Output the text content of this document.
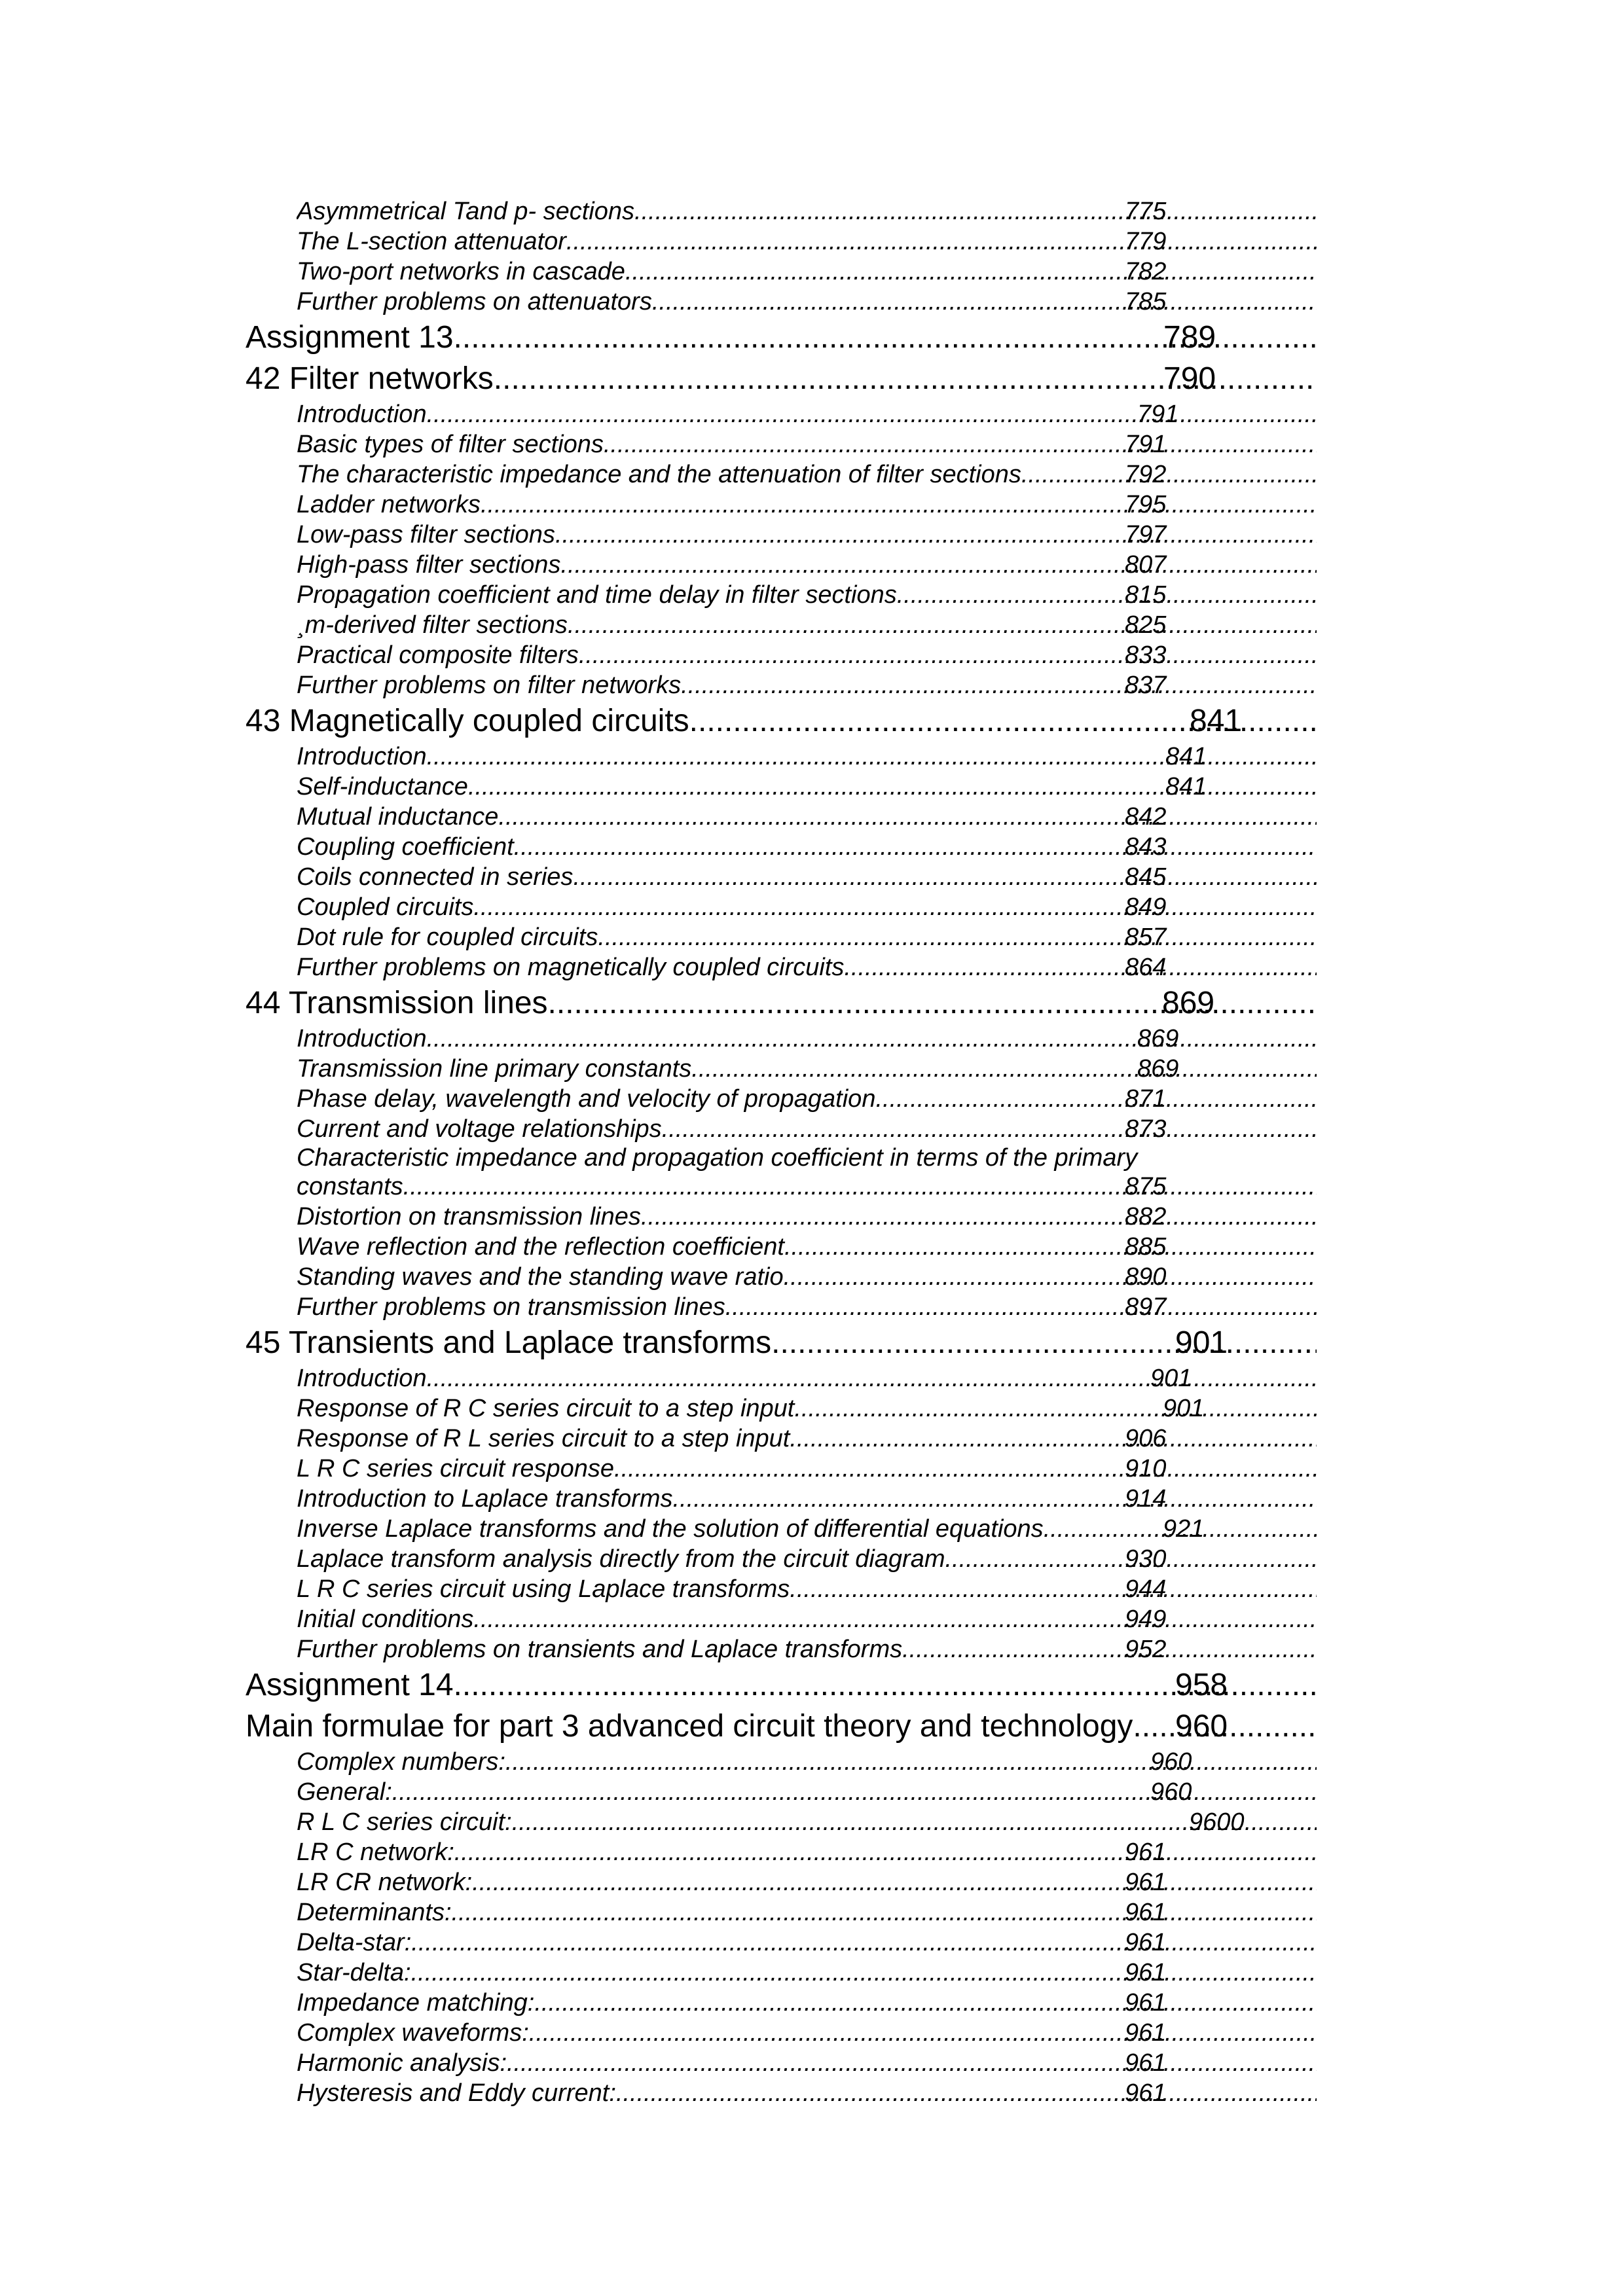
Asymmetrical Tand p- sections .....	775
The L-section attenuator .....	779
Two-port networks in cascade .....	782
Further problems on attenuators .....	785
Assignment 13 .....	789
42 Filter networks .....	790
Introduction .....	791
Basic types of filter sections .....	791
The characteristic impedance and the attenuation of filter sections .....	792
Ladder networks .....	795
Low-pass filter sections .....	797
High-pass filter sections .....	807
Propagation coefficient and time delay in filter sections .....	815
¸m-derived filter sections .....	825
Practical composite filters .....	833
Further problems on filter networks .....	837
43 Magnetically coupled circuits .....	841
Introduction .....	841
Self-inductance .....	841
Mutual inductance .....	842
Coupling coefficient .....	843
Coils connected in series .....	845
Coupled circuits .....	849
Dot rule for coupled circuits .....	857
Further problems on magnetically coupled circuits .....	864
44 Transmission lines .....	869
Introduction .....	869
Transmission line primary constants .....	869
Phase delay, wavelength and velocity of propagation .....	871
Current and voltage relationships .....	873
Characteristic impedance and propagation coefficient in terms of the primary
constants .....	875
Distortion on transmission lines .....	882
Wave reflection and the reflection coefficient .....	885
Standing waves and the standing wave ratio .....	890
Further problems on transmission lines .....	897
45 Transients and Laplace transforms .....	901
Introduction .....	901
Response of R C series circuit to a step input .....	901
Response of R L series circuit to a step input .....	906
L R C series circuit response .....	910
Introduction to Laplace transforms .....	914
Inverse Laplace transforms and the solution of differential equations .....	921
Laplace transform analysis directly from the circuit diagram .....	930
L R C series circuit using Laplace transforms .....	944
Initial conditions .....	949
Further problems on transients and Laplace transforms .....	952
Assignment 14 .....	958
Main formulae for part 3 advanced circuit theory and technology ..... 960
Complex numbers: .....	960
General: .....	960
R L C series circuit: .....	9600
LR C network: .....	961
LR CR network: .....	961
Determinants: .....	961
Delta-star: .....	961
Star-delta: .....	961
Impedance matching: .....	961
Complex waveforms: .....	961
Harmonic analysis: .....	961
Hysteresis and Eddy current: .....	961
